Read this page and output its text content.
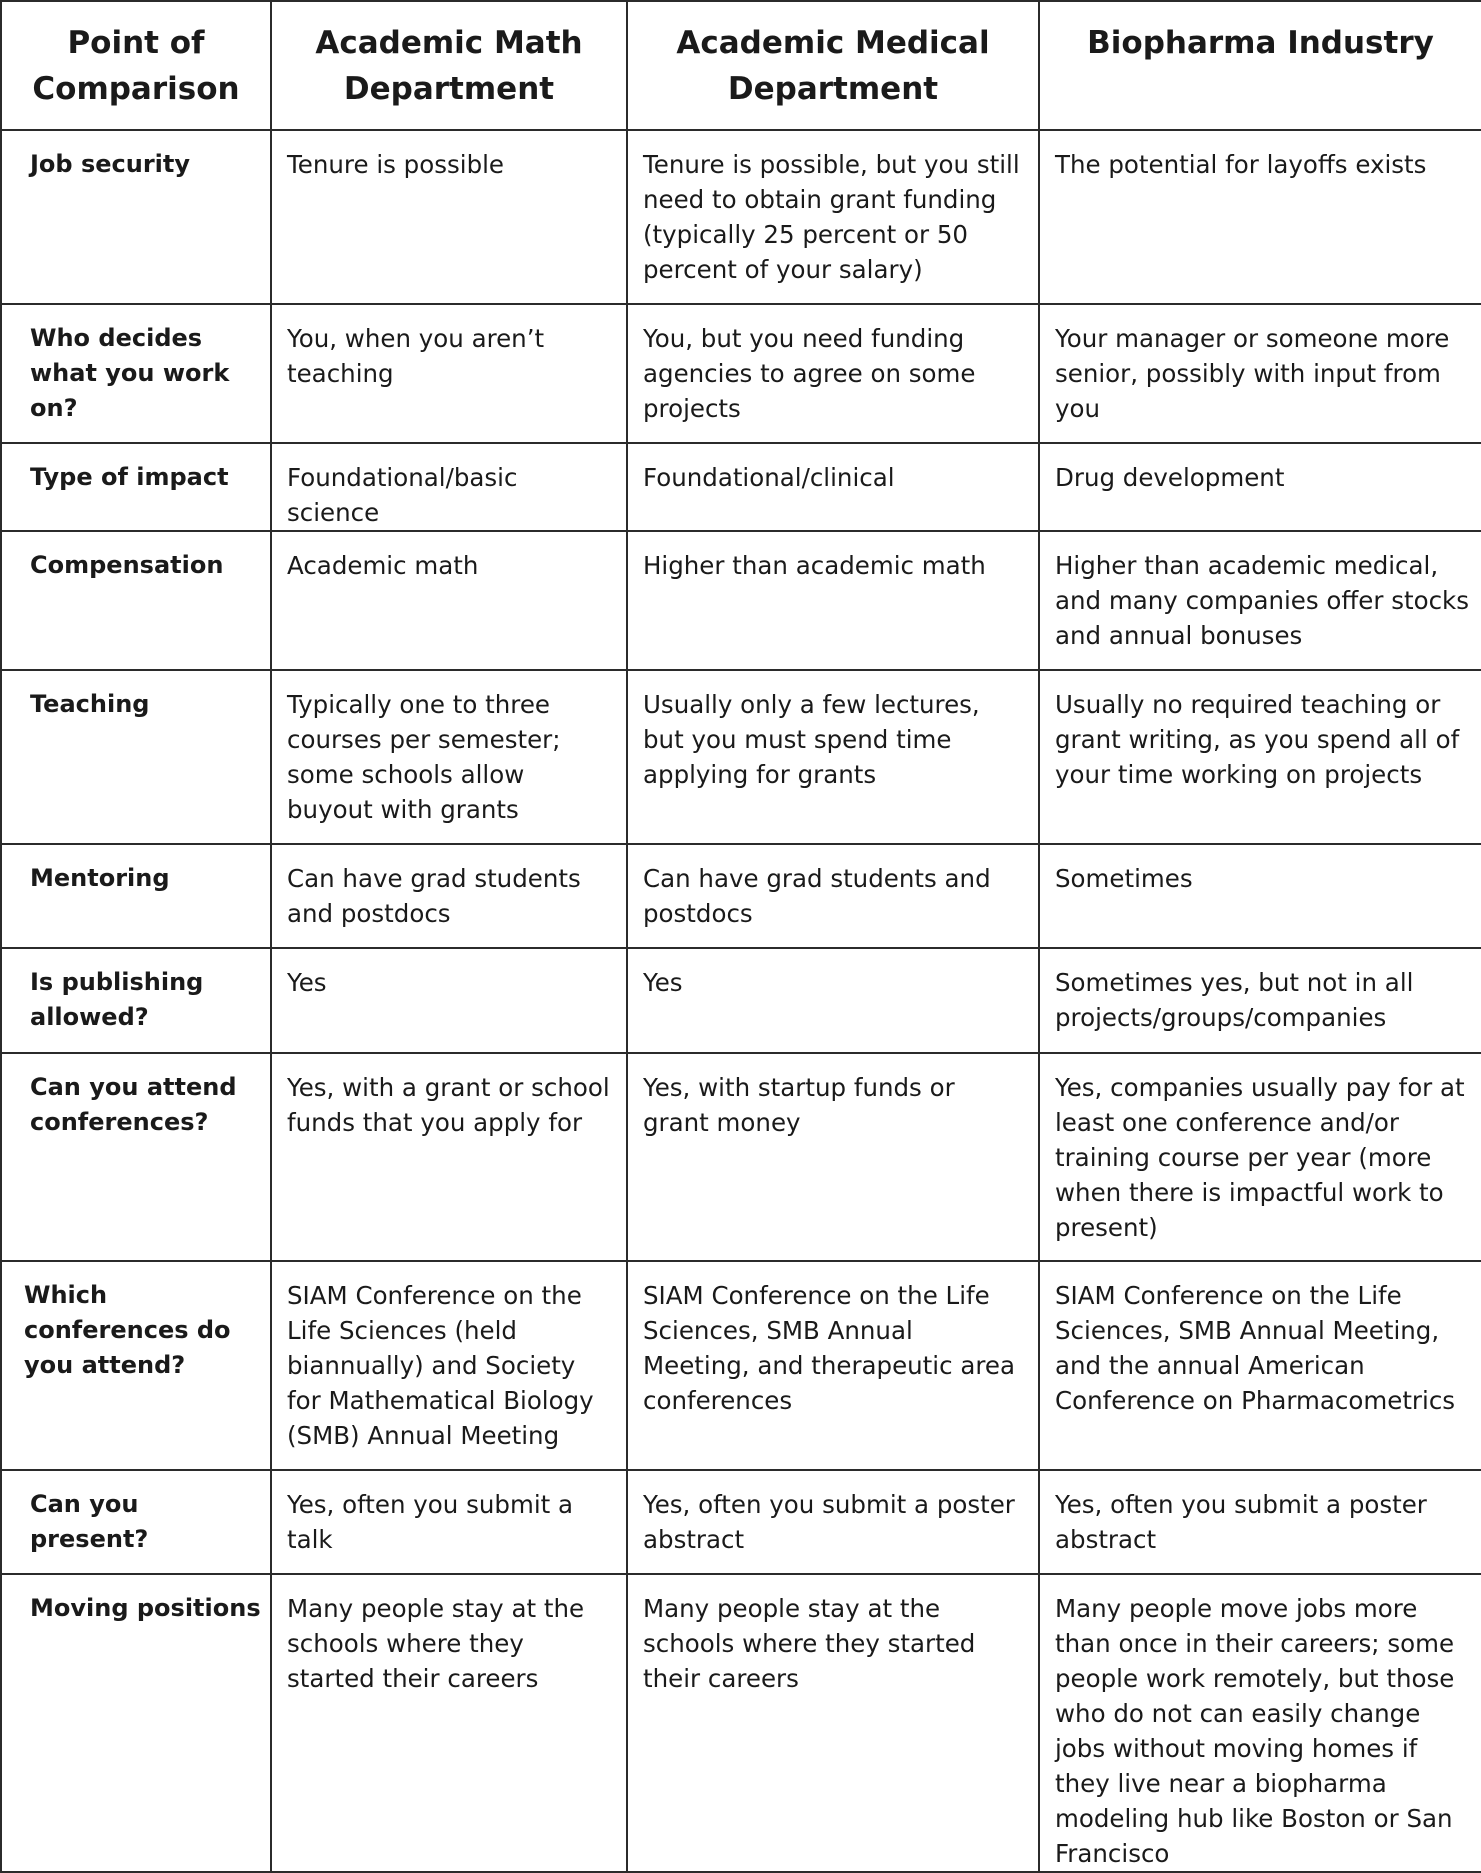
Point of Comparison	Academic Math Department	Academic Medical Department	Biopharma Industry

Job security	Tenure is possible	Tenure is possible, but you still need to obtain grant funding (typically 25 percent or 50 percent of your salary)	The potential for layoffs exists

Who decides what you work on?	You, when you aren’t teaching	You, but you need funding agencies to agree on some projects	Your manager or someone more senior, possibly with input from you

Type of impact	Foundational/basic science	Foundational/clinical	Drug development

Compensation	Academic math	Higher than academic math	Higher than academic medical, and many companies offer stocks and annual bonuses

Teaching	Typically one to three courses per semester; some schools allow buyout with grants	Usually only a few lectures, but you must spend time applying for grants	Usually no required teaching or grant writing, as you spend all of your time working on projects

Mentoring	Can have grad students and postdocs	Can have grad students and postdocs	Sometimes

Is publishing allowed?	Yes	Yes	Sometimes yes, but not in all projects/groups/companies

Can you attend conferences?	Yes, with a grant or school funds that you apply for	Yes, with startup funds or grant money	Yes, companies usually pay for at least one conference and/or training course per year (more when there is impactful work to present)

Which conferences do you attend?	SIAM Conference on the Life Sciences (held biannually) and Society for Mathematical Biology (SMB) Annual Meeting	SIAM Conference on the Life Sciences, SMB Annual Meeting, and therapeutic area conferences	SIAM Conference on the Life Sciences, SMB Annual Meeting, and the annual American Conference on Pharmacometrics

Can you present?	Yes, often you submit a talk	Yes, often you submit a poster abstract	Yes, often you submit a poster abstract

Moving positions	Many people stay at the schools where they started their careers	Many people stay at the schools where they started their careers	Many people move jobs more than once in their careers; some people work remotely, but those who do not can easily change jobs without moving homes if they live near a biopharma modeling hub like Boston or San Francisco
